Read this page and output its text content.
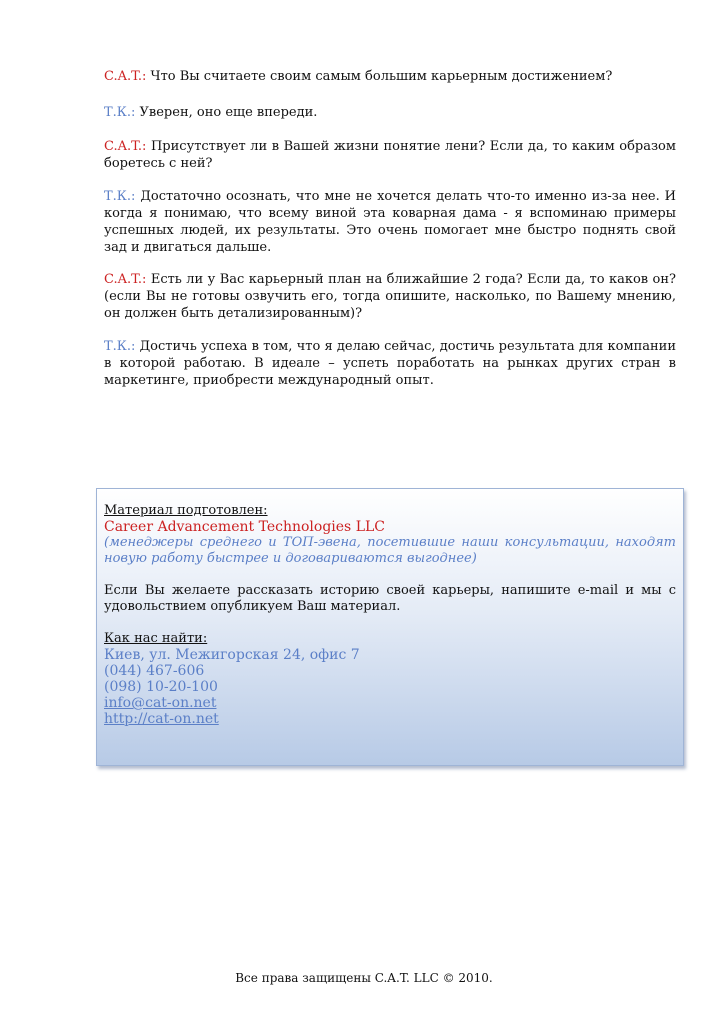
C.A.T.: Что Вы считаете своим самым большим карьерным достижением?

Т.К.: Уверен, оно еще впереди.

C.A.T.: Присутствует ли в Вашей жизни понятие лени? Если да, то каким образом боретесь с ней?

Т.К.: Достаточно осознать, что мне не хочется делать что-то именно из-за нее. И когда я понимаю, что всему виной эта коварная дама - я вспоминаю примеры успешных людей, их результаты. Это очень помогает мне быстро поднять свой зад и двигаться дальше.

C.A.T.: Есть ли у Вас карьерный план на ближайшие 2 года? Если да, то каков он? (если Вы не готовы озвучить его, тогда опишите, насколько, по Вашему мнению, он должен быть детализированным)?

Т.К.: Достичь успеха в том, что я делаю сейчас, достичь результата для компании в которой работаю. В идеале – успеть поработать на рынках других стран в маркетинге, приобрести международный опыт.

Материал подготовлен:

Career Advancement Technologies LLC

(менеджеры среднего и ТОП-эвена, посетившие наши консультации, находят новую работу быстрее и договариваются выгоднее)

Если Вы желаете рассказать историю своей карьеры, напишите e-mail и мы с удовольствием опубликуем Ваш материал.

Как нас найти:

Киев, ул. Межигорская 24, офис 7

(044) 467-606

(098) 10-20-100

info@cat-on.net

http://cat-on.net

Все права защищены C.A.T. LLC © 2010.
